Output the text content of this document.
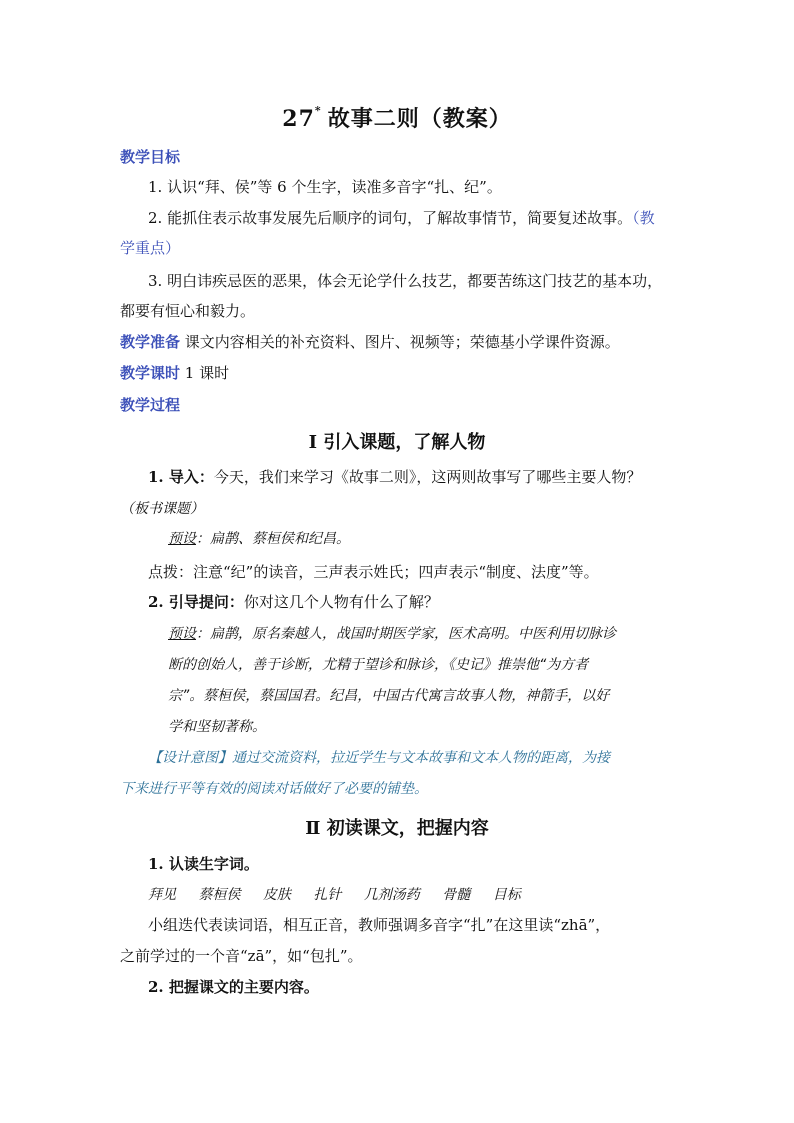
27* 故事二则（教案）
教学目标
1. 认识“拜、侯”等 6 个生字，读准多音字“扎、纪”。
2. 能抓住表示故事发展先后顺序的词句，了解故事情节，简要复述故事。（教
学重点）
3. 明白讳疾忌医的恶果，体会无论学什么技艺，都要苦练这门技艺的基本功，
都要有恒心和毅力。
教学准备 课文内容相关的补充资料、图片、视频等；荣德基小学课件资源。
教学课时 1 课时
教学过程
Ⅰ 引入课题，了解人物
1. 导入：今天，我们来学习《故事二则》，这两则故事写了哪些主要人物？
（板书课题）
预设：扁鹊、蔡桓侯和纪昌。
点拨：注意“纪”的读音，三声表示姓氏；四声表示“制度、法度”等。
2. 引导提问：你对这几个人物有什么了解？
预设：扁鹊，原名秦越人，战国时期医学家，医术高明。中医利用切脉诊
断的创始人，善于诊断，尤精于望诊和脉诊，《史记》推崇他“为方者
宗”。蔡桓侯，蔡国国君。纪昌，中国古代寓言故事人物，神箭手，以好
学和坚韧著称。
【设计意图】通过交流资料，拉近学生与文本故事和文本人物的距离，为接
下来进行平等有效的阅读对话做好了必要的铺垫。
Ⅱ 初读课文，把握内容
1. 认读生字词。
拜见 蔡桓侯 皮肤 扎针 几剂汤药 骨髓 目标
小组迭代表读词语，相互正音，教师强调多音字“扎”在这里读“zhā”，
之前学过的一个音“zā”，如“包扎”。
2. 把握课文的主要内容。
